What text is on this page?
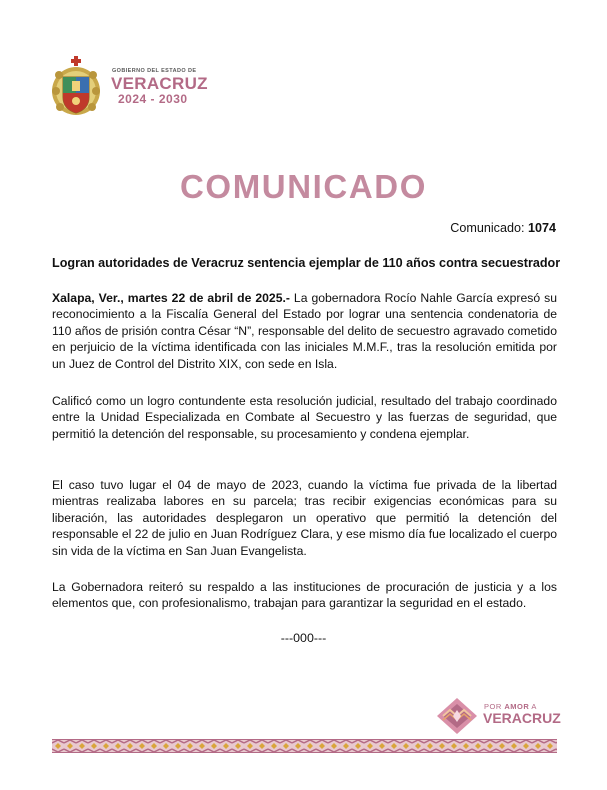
GOBIERNO DEL ESTADO DE
VERACRUZ
2024 - 2030
COMUNICADO
Comunicado: 1074
Logran autoridades de Veracruz sentencia ejemplar de 110 años contra secuestrador

Xalapa, Ver., martes 22 de abril de 2025.- La gobernadora Rocío Nahle García expresó su reconocimiento a la Fiscalía General del Estado por lograr una sentencia condenatoria de 110 años de prisión contra César “N”, responsable del delito de secuestro agravado cometido en perjuicio de la víctima identificada con las iniciales M.M.F., tras la resolución emitida por un Juez de Control del Distrito XIX, con sede en Isla.

Calificó como un logro contundente esta resolución judicial, resultado del trabajo coordinado entre la Unidad Especializada en Combate al Secuestro y las fuerzas de seguridad, que permitió la detención del responsable, su procesamiento y condena ejemplar.

El caso tuvo lugar el 04 de mayo de 2023, cuando la víctima fue privada de la libertad mientras realizaba labores en su parcela; tras recibir exigencias económicas para su liberación, las autoridades desplegaron un operativo que permitió la detención del responsable el 22 de julio en Juan Rodríguez Clara, y ese mismo día fue localizado el cuerpo sin vida de la víctima en San Juan Evangelista.

La Gobernadora reiteró su respaldo a las instituciones de procuración de justicia y a los elementos que, con profesionalismo, trabajan para garantizar la seguridad en el estado.

---000---
POR AMOR A
VERACRUZ
